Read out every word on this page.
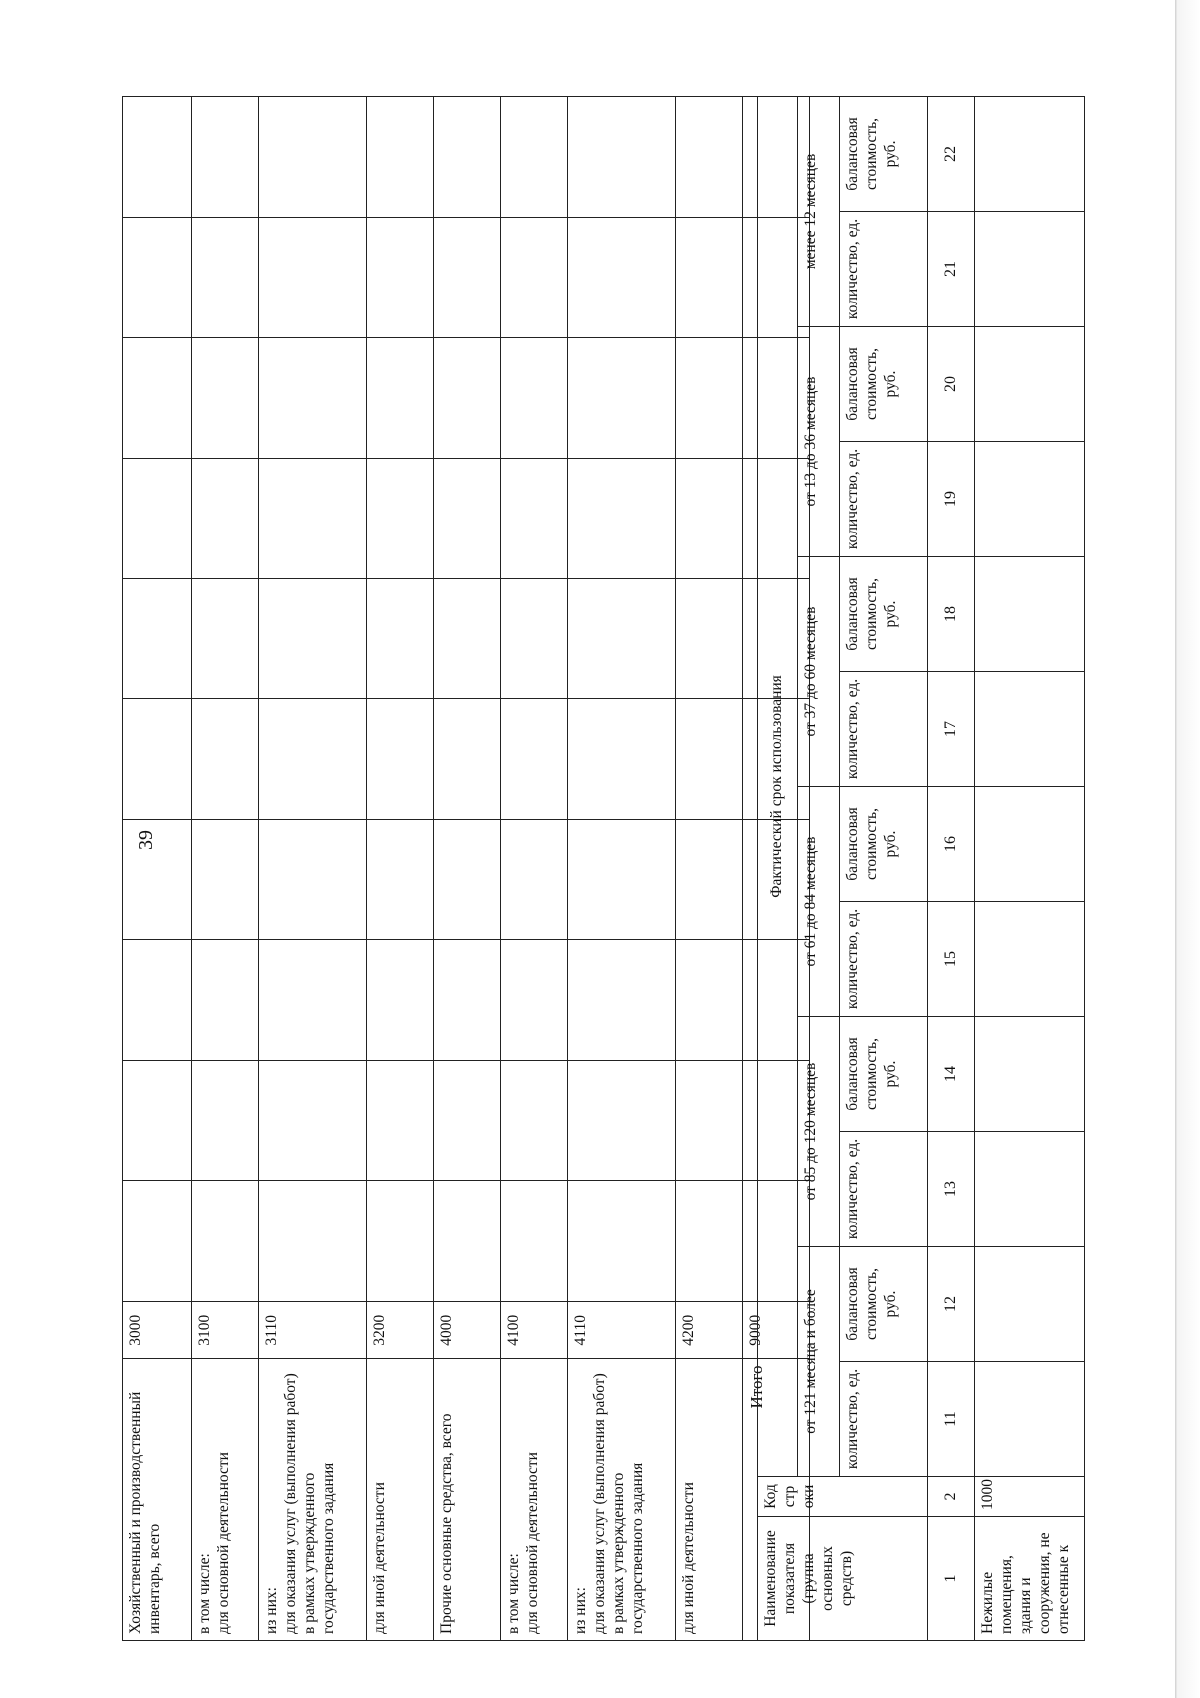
39
Хозяйственный и производственный инвентарь, всего	3000										
в том числе:
для основной деятельности	3100										
из них:
для оказания услуг (выполнения работ) в рамках утвержденного государственного задания	3110										
для иной деятельности	3200										
Прочие основные средства, всего	4000										
в том числе:
для основной деятельности	4100										
из них:
для оказания услуг (выполнения работ) в рамках утвержденного государственного задания	4110										
для иной деятельности	4200										
Итого	9000										
Наименование показателя (группа основных средств)	Код строки	Фактический срок использования											
		от 121 месяца и более		от 85 до 120 месяцев		от 61 до 84 месяцев		от 37 до 60 месяцев		от 13 до 36 месяцев		менее 12 месяцев	
		количество, ед.	балансовая стоимость, руб.	количество, ед.	балансовая стоимость, руб.	количество, ед.	балансовая стоимость, руб.	количество, ед.	балансовая стоимость, руб.	количество, ед.	балансовая стоимость, руб.	количество, ед.	балансовая стоимость, руб.
1	2	11	12	13	14	15	16	17	18	19	20	21	22
Нежилые помещения, здания и сооружения, не отнесенные к	1000												
